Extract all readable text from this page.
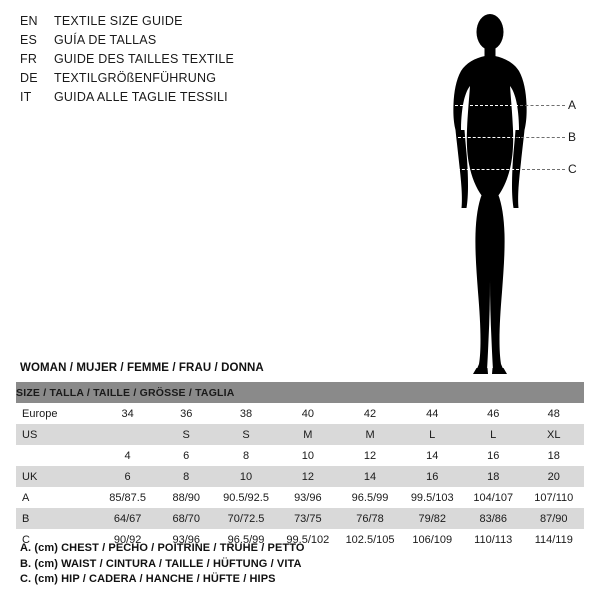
EN	TEXTILE SIZE GUIDE
ES	GUÍA DE TALLAS
FR	GUIDE DES TAILLES TEXTILE
DE	TEXTILGRÖßENFÜHRUNG
IT	GUIDA ALLE TAGLIE TESSILI
A
B
C
WOMAN / MUJER / FEMME / FRAU / DONNA
SIZE / TALLA / TAILLE / GRÖSSE / TAGLIA								
Europe	34	36	38	40	42	44	46	48
US		S	S	M	M	L	L	XL
	4	6	8	10	12	14	16	18
UK	6	8	10	12	14	16	18	20
A	85/87.5	88/90	90.5/92.5	93/96	96.5/99	99.5/103	104/107	107/110
B	64/67	68/70	70/72.5	73/75	76/78	79/82	83/86	87/90
C	90/92	93/96	96.5/99	99.5/102	102.5/105	106/109	110/113	114/119
A. (cm) CHEST / PECHO / POITRINE / TRUHE / PETTO
B. (cm) WAIST / CINTURA / TAILLE / HÜFTUNG / VITA
C. (cm) HIP / CADERA / HANCHE / HÜFTE / HIPS
